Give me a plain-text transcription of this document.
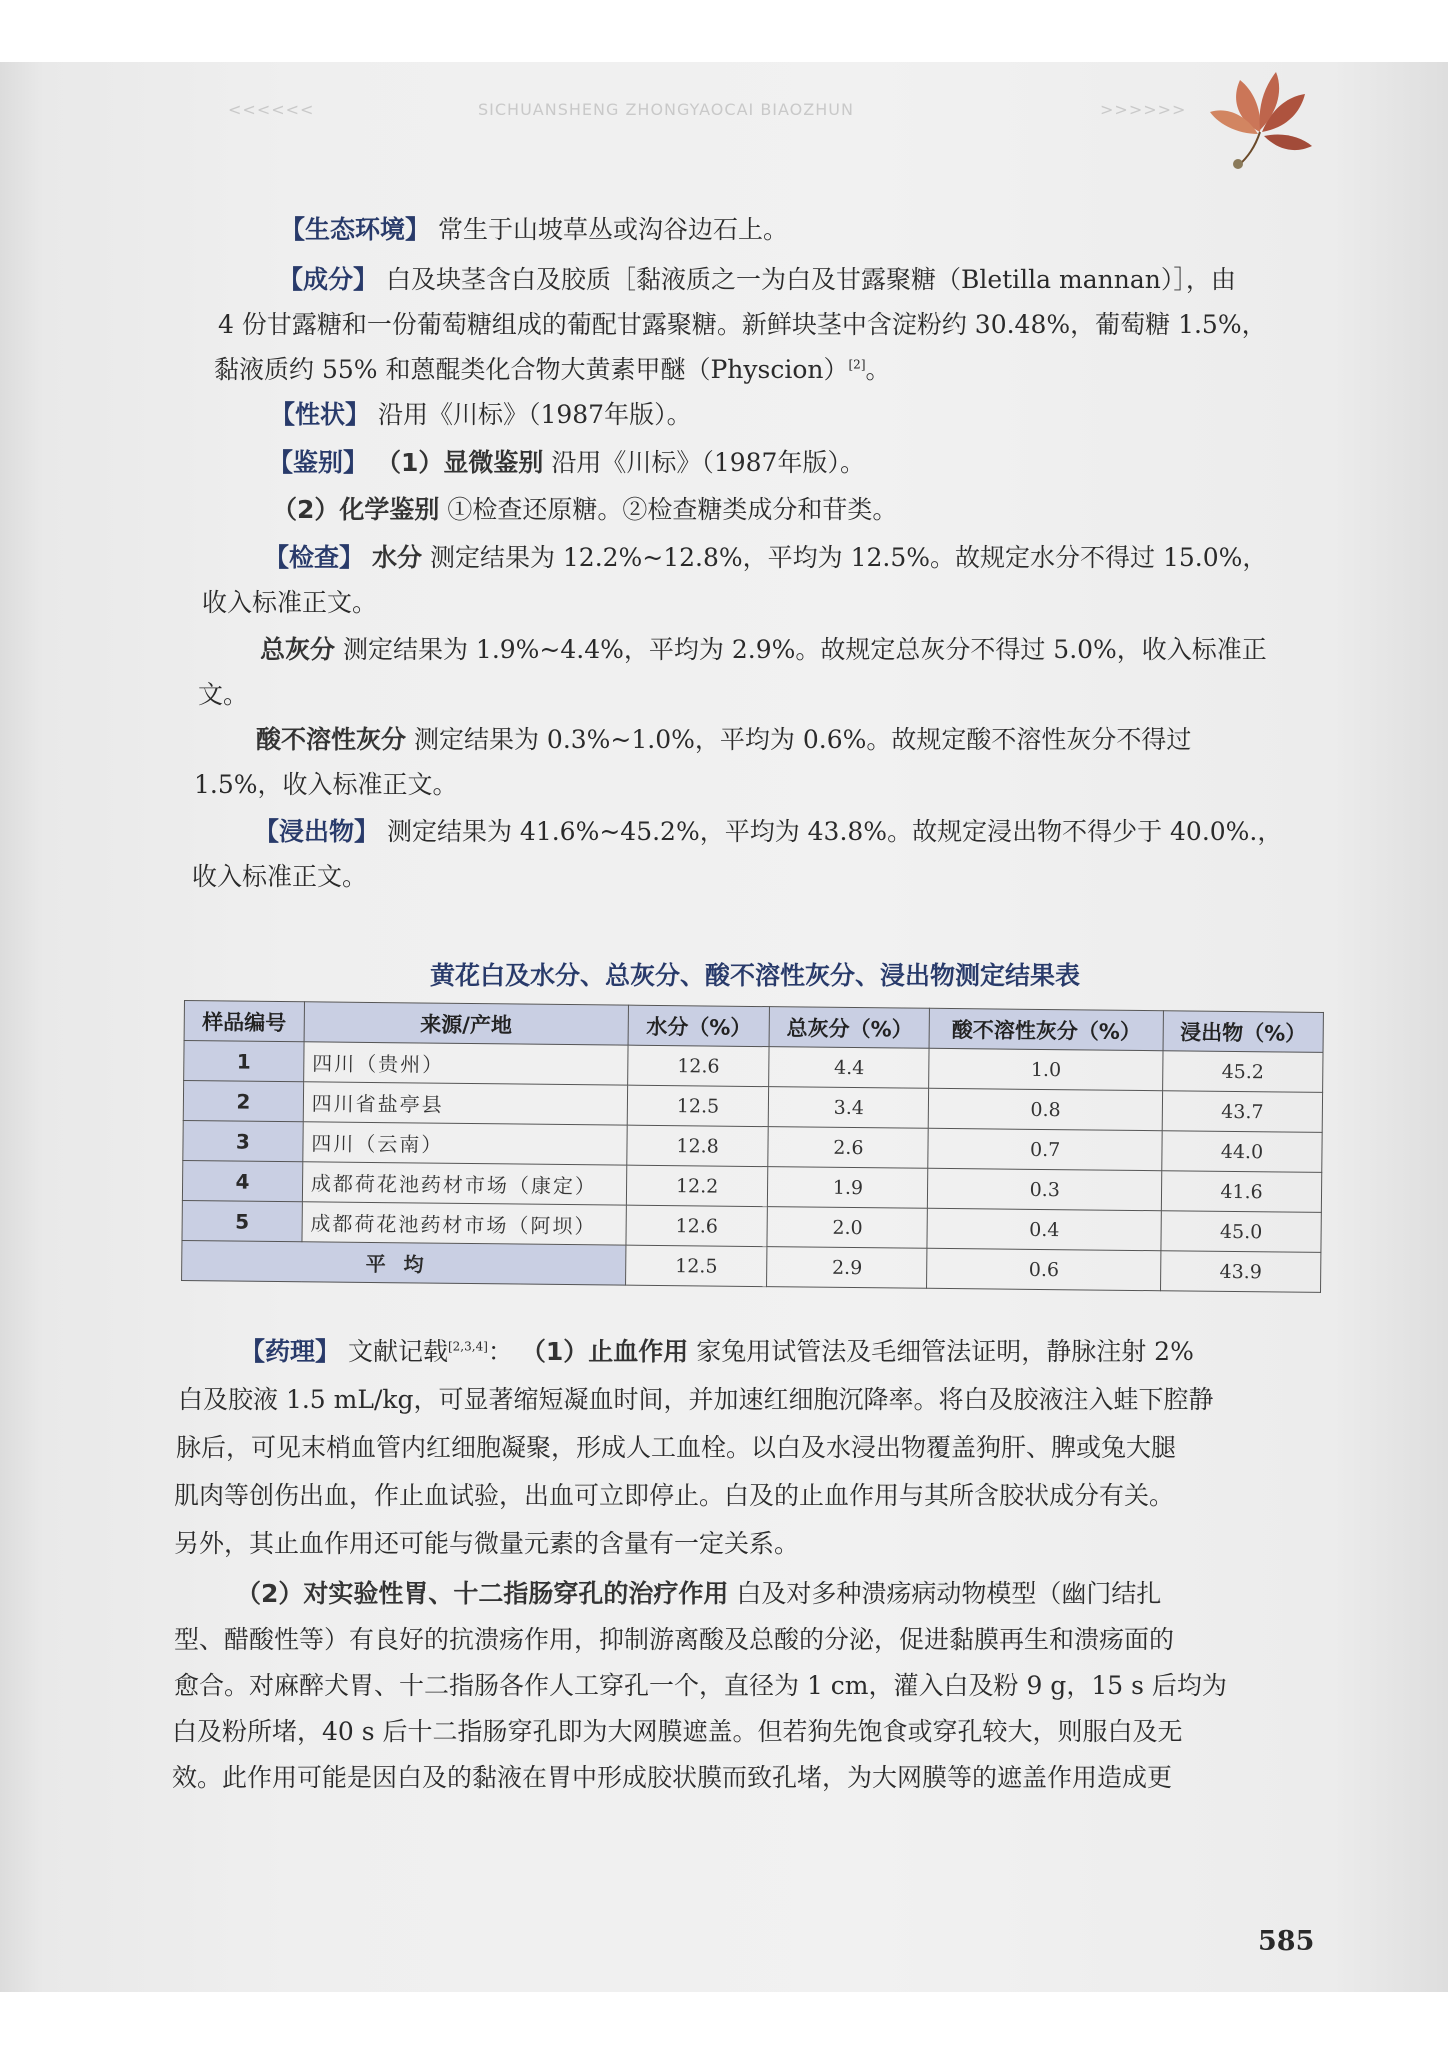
<<<<<<	SICHUANSHENG ZHONGYAOCAI BIAOZHUN	>>>>>>
【生态环境】 常生于山坡草丛或沟谷边石上。
【成分】 白及块茎含白及胶质［黏液质之一为白及甘露聚糖（Bletilla mannan）］，由
4 份甘露糖和一份葡萄糖组成的葡配甘露聚糖。新鲜块茎中含淀粉约 30.48%，葡萄糖 1.5%，
黏液质约 55% 和蒽醌类化合物大黄素甲醚（Physcion）[2]。
【性状】 沿用《川标》（1987年版）。
【鉴别】 （1）显微鉴别 沿用《川标》（1987年版）。
（2）化学鉴别 ①检查还原糖。②检查糖类成分和苷类。
【检查】 水分 测定结果为 12.2%~12.8%，平均为 12.5%。故规定水分不得过 15.0%，
收入标准正文。
总灰分 测定结果为 1.9%~4.4%，平均为 2.9%。故规定总灰分不得过 5.0%，收入标准正
文。
酸不溶性灰分 测定结果为 0.3%~1.0%，平均为 0.6%。故规定酸不溶性灰分不得过
1.5%，收入标准正文。
【浸出物】 测定结果为 41.6%~45.2%，平均为 43.8%。故规定浸出物不得少于 40.0%.，
收入标准正文。
黄花白及水分、总灰分、酸不溶性灰分、浸出物测定结果表
样品编号	来源/产地	水分（%）	总灰分（%）	酸不溶性灰分（%）	浸出物（%）
1	四川（贵州）	12.6	4.4	1.0	45.2
2	四川省盐亭县	12.5	3.4	0.8	43.7
3	四川（云南）	12.8	2.6	0.7	44.0
4	成都荷花池药材市场（康定）	12.2	1.9	0.3	41.6
5	成都荷花池药材市场（阿坝）	12.6	2.0	0.4	45.0
平均		12.5	2.9	0.6	43.9
【药理】 文献记载[2,3,4]： （1）止血作用 家兔用试管法及毛细管法证明，静脉注射 2%
白及胶液 1.5 mL/kg，可显著缩短凝血时间，并加速红细胞沉降率。将白及胶液注入蛙下腔静
脉后，可见末梢血管内红细胞凝聚，形成人工血栓。以白及水浸出物覆盖狗肝、脾或兔大腿
肌肉等创伤出血，作止血试验，出血可立即停止。白及的止血作用与其所含胶状成分有关。
另外，其止血作用还可能与微量元素的含量有一定关系。
（2）对实验性胃、十二指肠穿孔的治疗作用 白及对多种溃疡病动物模型（幽门结扎
型、醋酸性等）有良好的抗溃疡作用，抑制游离酸及总酸的分泌，促进黏膜再生和溃疡面的
愈合。对麻醉犬胃、十二指肠各作人工穿孔一个，直径为 1 cm，灌入白及粉 9 g，15 s 后均为
白及粉所堵，40 s 后十二指肠穿孔即为大网膜遮盖。但若狗先饱食或穿孔较大，则服白及无
效。此作用可能是因白及的黏液在胃中形成胶状膜而致孔堵，为大网膜等的遮盖作用造成更
585
